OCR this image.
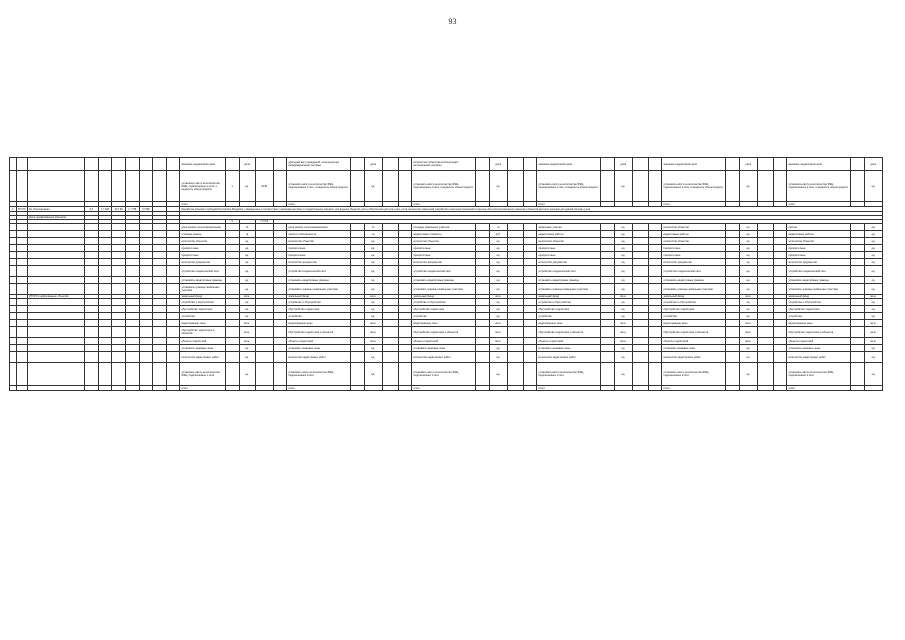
93
										значение индикаторов цели		доля			удельный вес учреждений, использующих информационные системы		доля			количество субъектов использующих региональные порталы		доля			значение индикаторов цели		доля			значение индикаторов цели		доля			значение индикаторов цели		доля
										установить квоту на количество ФЭЦ, подключенных к сети, и выделить объем средств	1	ед.	1045		установить квоту на количество ФЭЦ, подключенных к сети, и выделить объем средств		ед.			установить квоту на количество ФЭЦ, подключенных к сети, и выделить объем средств		ед.			установить квоту на количество ФЭЦ, подключенных к сети, и выделить объем средств		ед.			установить квоту на количество ФЭЦ, подключенных к сети, и выделить объем средств		ед.			установить квоту на количество ФЭЦ, подключенных к сети, и выделить объем средств		ед.
										итого					итого					итого					итого					итого					итого		
1	ГП 079	Ел. Изоляционная	5,3	1 7 408	43,7 09	1 7 768	0 7408			Разработка объемов и субсидий Республике Мордовия, утвержденных в соответствии с законодательством о государственных закупках, для ведения объектов учета и обеспечения доступа к ним, учета технических изменений, разработки и внесения изменений в перечень объектов регионального значения и объектов местного значения для единой системы учета																											

		Доля оцифрованных объектов																																			
											5		7 0 5 8																								
										доля земель сельхозназначения		%			доля земель сельхозназначения		%			площадь земельных участков		га			земельные участки		ед.			количество объектов		ед.			прочие		ед.
										площадь земель		га			земли в собственности		га			кадастровая стоимость		руб.			кадастровые работы		ед.			кадастровые работы		ед.			кадастровые работы		ед.
										количество объектов		ед.			количество объектов		ед.			количество объектов		ед.			количество объектов		ед.			количество объектов		ед.			количество объектов		ед.
										приоритетные		ед.			приоритетные		ед.			приоритетные		ед.			приоритетные		ед.			приоритетные		ед.			приоритетные		ед.
										приоритетные		ед.			приоритетные		ед.			приоритетные		ед.			приоритетные		ед.			приоритетные		ед.			приоритетные		ед.
										количество документов		ед.			количество документов		ед.			количество документов		ед.			количество документов		ед.			количество документов		ед.			количество документов		ед.
										устройство геодезической сети		ед.			устройство геодезической сети		ед.			устройство геодезической сети		ед.			устройство геодезической сети		ед.			устройство геодезической сети		ед.			устройство геодезической сети		ед.
										установить кадастровые границы		ед.			установить кадастровые границы		ед.			установить кадастровые границы		ед.			установить кадастровые границы		ед.			установить кадастровые границы		ед.			установить кадастровые границы		ед.
										установить границы земельных участков		ед.			установить границы земельных участков		ед.			установить границы земельных участков		ед.			установить границы земельных участков		ед.			установить границы земельных участков		ед.			установить границы земельных участков		ед.
		ИТОГО оцифрованных объектов								земельный фонд		кв.м.			земельный фонд		кв.м.			земельный фонд		кв.м.			земельный фонд		кв.м.			земельный фонд		кв.м.			земельный фонд		кв.м.
										устройство и обустройство		ед.			устройство и обустройство		ед.			устройство и обустройство		ед.			устройство и обустройство		ед.			устройство и обустройство		ед.			устройство и обустройство		ед.
										обустройство территории		ед.			обустройство территории		ед.			обустройство территории		ед.			обустройство территории		ед.			обустройство территории		ед.			обустройство территории		ед.
										устройство		ед.			устройство		ед.			устройство		ед.			устройство		ед.			устройство		ед.			устройство		ед.
										водоохранные зоны		кв.м.			водоохранные зоны		кв.м.			водоохранные зоны		кв.м.			водоохранные зоны		кв.м.			водоохранные зоны		кв.м.			водоохранные зоны		кв.м.
										обустройство территории и объектов		кв.м.			обустройство территории и объектов		кв.м.			обустройство территории и объектов		кв.м.			обустройство территории и объектов		кв.м.			обустройство территории и объектов		кв.м.			обустройство территории и объектов		кв.м.
										объекты территорий		кв.м.			объекты территорий		кв.м.			объекты территорий		кв.м.			объекты территорий		кв.м.			объекты территорий		кв.м.			объекты территорий		кв.м.
										установить межевые зоны		ед.			установить межевые зоны		ед.			установить межевые зоны		ед.			установить межевые зоны		ед.			установить межевые зоны		ед.			установить межевые зоны		ед.
										количество кадастровых работ		ед.			количество кадастровых работ		ед.			количество кадастровых работ		ед.			количество кадастровых работ		ед.			количество кадастровых работ		ед.			количество кадастровых работ		ед.
										установить квоту на количество ФЭЦ, подключенных к сети		ед.			установить квоту на количество ФЭЦ, подключенных к сети		ед.			установить квоту на количество ФЭЦ, подключенных к сети		ед.			установить квоту на количество ФЭЦ, подключенных к сети		ед.			установить квоту на количество ФЭЦ, подключенных к сети		ед.			установить квоту на количество ФЭЦ, подключенных к сети		ед.
										итого					итого					итого					итого					итого					итого		
